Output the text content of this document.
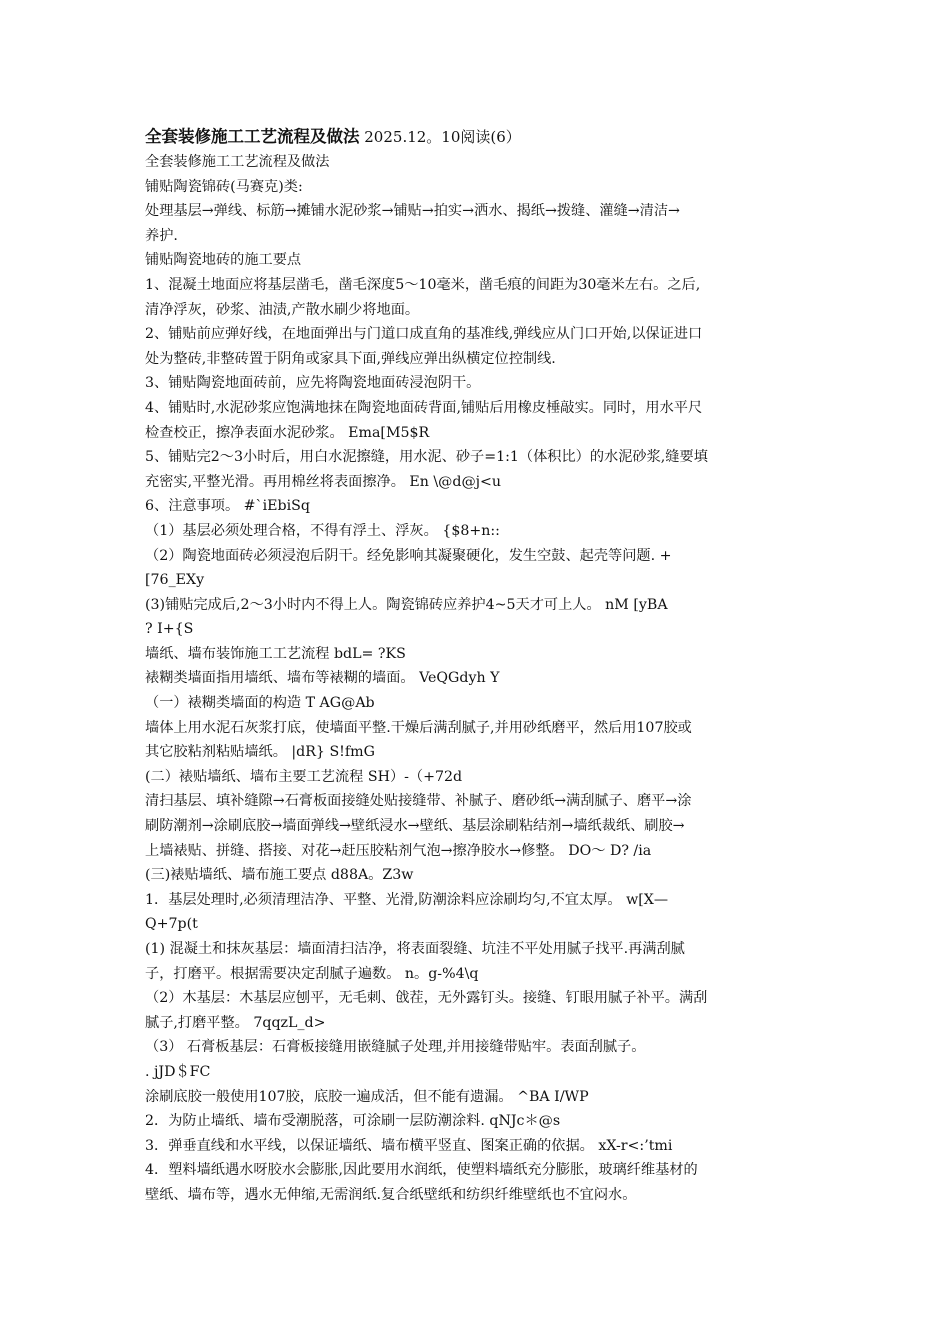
全套装修施工工艺流程及做法 2025.12。10阅读(6）
全套装修施工工艺流程及做法
铺贴陶瓷锦砖(马赛克)类:
处理基层→弹线、标筋→摊铺水泥砂浆→铺贴→拍实→洒水、揭纸→拨缝、灌缝→清洁→
养护.
铺贴陶瓷地砖的施工要点
1、混凝土地面应将基层凿毛，凿毛深度5～10毫米，凿毛痕的间距为30毫米左右。之后,
清净浮灰，砂浆、油渍,产散水刷少将地面。
2、铺贴前应弹好线，在地面弹出与门道口成直角的基准线,弹线应从门口开始,以保证进口
处为整砖,非整砖置于阴角或家具下面,弹线应弹出纵横定位控制线.
3、铺贴陶瓷地面砖前，应先将陶瓷地面砖浸泡阴干。
4、铺贴时,水泥砂浆应饱满地抹在陶瓷地面砖背面,铺贴后用橡皮棰敲实。同时，用水平尺
检查校正，擦净表面水泥砂浆。 Ema[M5$R
5、铺贴完2～3小时后，用白水泥擦缝，用水泥、砂子=1:1（体积比）的水泥砂浆,缝要填
充密实,平整光滑。再用棉丝将表面擦净。 En \@d@j<u
6、注意事项。 #`iEbiSq
（1）基层必须处理合格，不得有浮土、浮灰。 {$8+n::
（2）陶瓷地面砖必须浸泡后阴干。经免影响其凝聚硬化，发生空鼓、起壳等问题. +
[76_EXy
(3)铺贴完成后,2～3小时内不得上人。陶瓷锦砖应养护4~5天才可上人。 nM [yBA
? I+{S
墙纸、墙布装饰施工工艺流程 bdL= ?KS
裱糊类墙面指用墙纸、墙布等裱糊的墙面。 VeQGdyh Y
（一）裱糊类墙面的构造 T AG@Ab
墙体上用水泥石灰浆打底，使墙面平整.干燥后满刮腻子,并用砂纸磨平，然后用107胶或
其它胶粘剂粘贴墙纸。 |dR} S!fmG
(二）裱贴墙纸、墙布主要工艺流程 SH）-（+72d
清扫基层、填补缝隙→石膏板面接缝处贴接缝带、补腻子、磨砂纸→满刮腻子、磨平→涂
刷防潮剂→涂刷底胶→墙面弹线→壁纸浸水→壁纸、基层涂刷粘结剂→墙纸裁纸、刷胶→
上墙裱贴、拼缝、搭接、对花→赶压胶粘剂气泡→擦净胶水→修整。 DO～ D? /ia
(三)裱贴墙纸、墙布施工要点 d88A。Z3w
1．基层处理时,必须清理洁净、平整、光滑,防潮涂料应涂刷均匀,不宜太厚。 w[X—
Q+7p(t
(1) 混凝土和抹灰基层：墙面清扫洁净，将表面裂缝、坑洼不平处用腻子找平.再满刮腻
子，打磨平。根据需要决定刮腻子遍数。 n。g-%4\q
（2）木基层：木基层应刨平，无毛刺、戗茬，无外露钉头。接缝、钉眼用腻子补平。满刮
腻子,打磨平整。 7qqzL_d>
（3） 石膏板基层：石膏板接缝用嵌缝腻子处理,并用接缝带贴牢。表面刮腻子。
. jJD＄FC
涂刷底胶一般使用107胶，底胶一遍成活，但不能有遗漏。 ^BA I/WP
2．为防止墙纸、墙布受潮脱落，可涂刷一层防潮涂料. qNJc＊@s
3．弹垂直线和水平线，以保证墙纸、墙布横平竖直、图案正确的依据。 xX-r<:’tmi
4．塑料墙纸遇水呀胶水会膨胀,因此要用水润纸，使塑料墙纸充分膨胀，玻璃纤维基材的
壁纸、墙布等，遇水无伸缩,无需润纸.复合纸壁纸和纺织纤维壁纸也不宜闷水。
